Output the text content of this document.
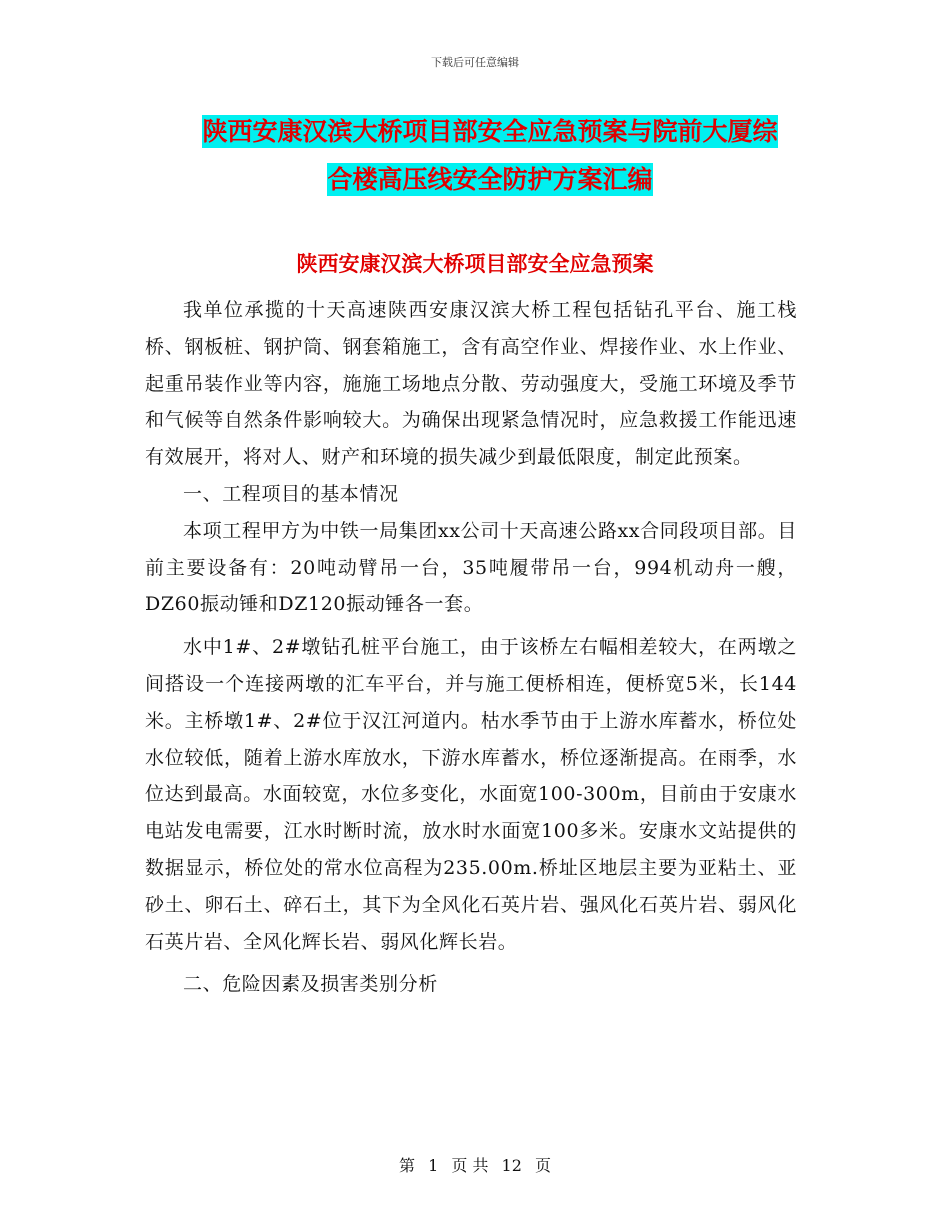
下载后可任意编辑
陕西安康汉滨大桥项目部安全应急预案与院前大厦综
合楼高压线安全防护方案汇编
陕西安康汉滨大桥项目部安全应急预案

我单位承揽的十天高速陕西安康汉滨大桥工程包括钻孔平台、施工栈桥、钢板桩、钢护筒、钢套箱施工，含有高空作业、焊接作业、水上作业、起重吊装作业等内容，施施工场地点分散、劳动强度大，受施工环境及季节和气候等自然条件影响较大。为确保出现紧急情况时，应急救援工作能迅速有效展开，将对人、财产和环境的损失减少到最低限度，制定此预案。

一、工程项目的基本情况

本项工程甲方为中铁一局集团xx公司十天高速公路xx合同段项目部。目前主要设备有：20吨动臂吊一台，35吨履带吊一台，994机动舟一艘，DZ60振动锤和DZ120振动锤各一套。

水中1#、2#墩钻孔桩平台施工，由于该桥左右幅相差较大，在两墩之间搭设一个连接两墩的汇车平台，并与施工便桥相连，便桥宽5米，长144米。主桥墩1#、2#位于汉江河道内。枯水季节由于上游水库蓄水，桥位处水位较低，随着上游水库放水，下游水库蓄水，桥位逐渐提高。在雨季，水位达到最高。水面较宽，水位多变化，水面宽100-300m，目前由于安康水电站发电需要，江水时断时流，放水时水面宽100多米。安康水文站提供的数据显示，桥位处的常水位高程为235.00m.桥址区地层主要为亚粘土、亚砂土、卵石土、碎石土，其下为全风化石英片岩、强风化石英片岩、弱风化石英片岩、全风化辉长岩、弱风化辉长岩。

二、危险因素及损害类别分析

第 1 页 共 12 页
